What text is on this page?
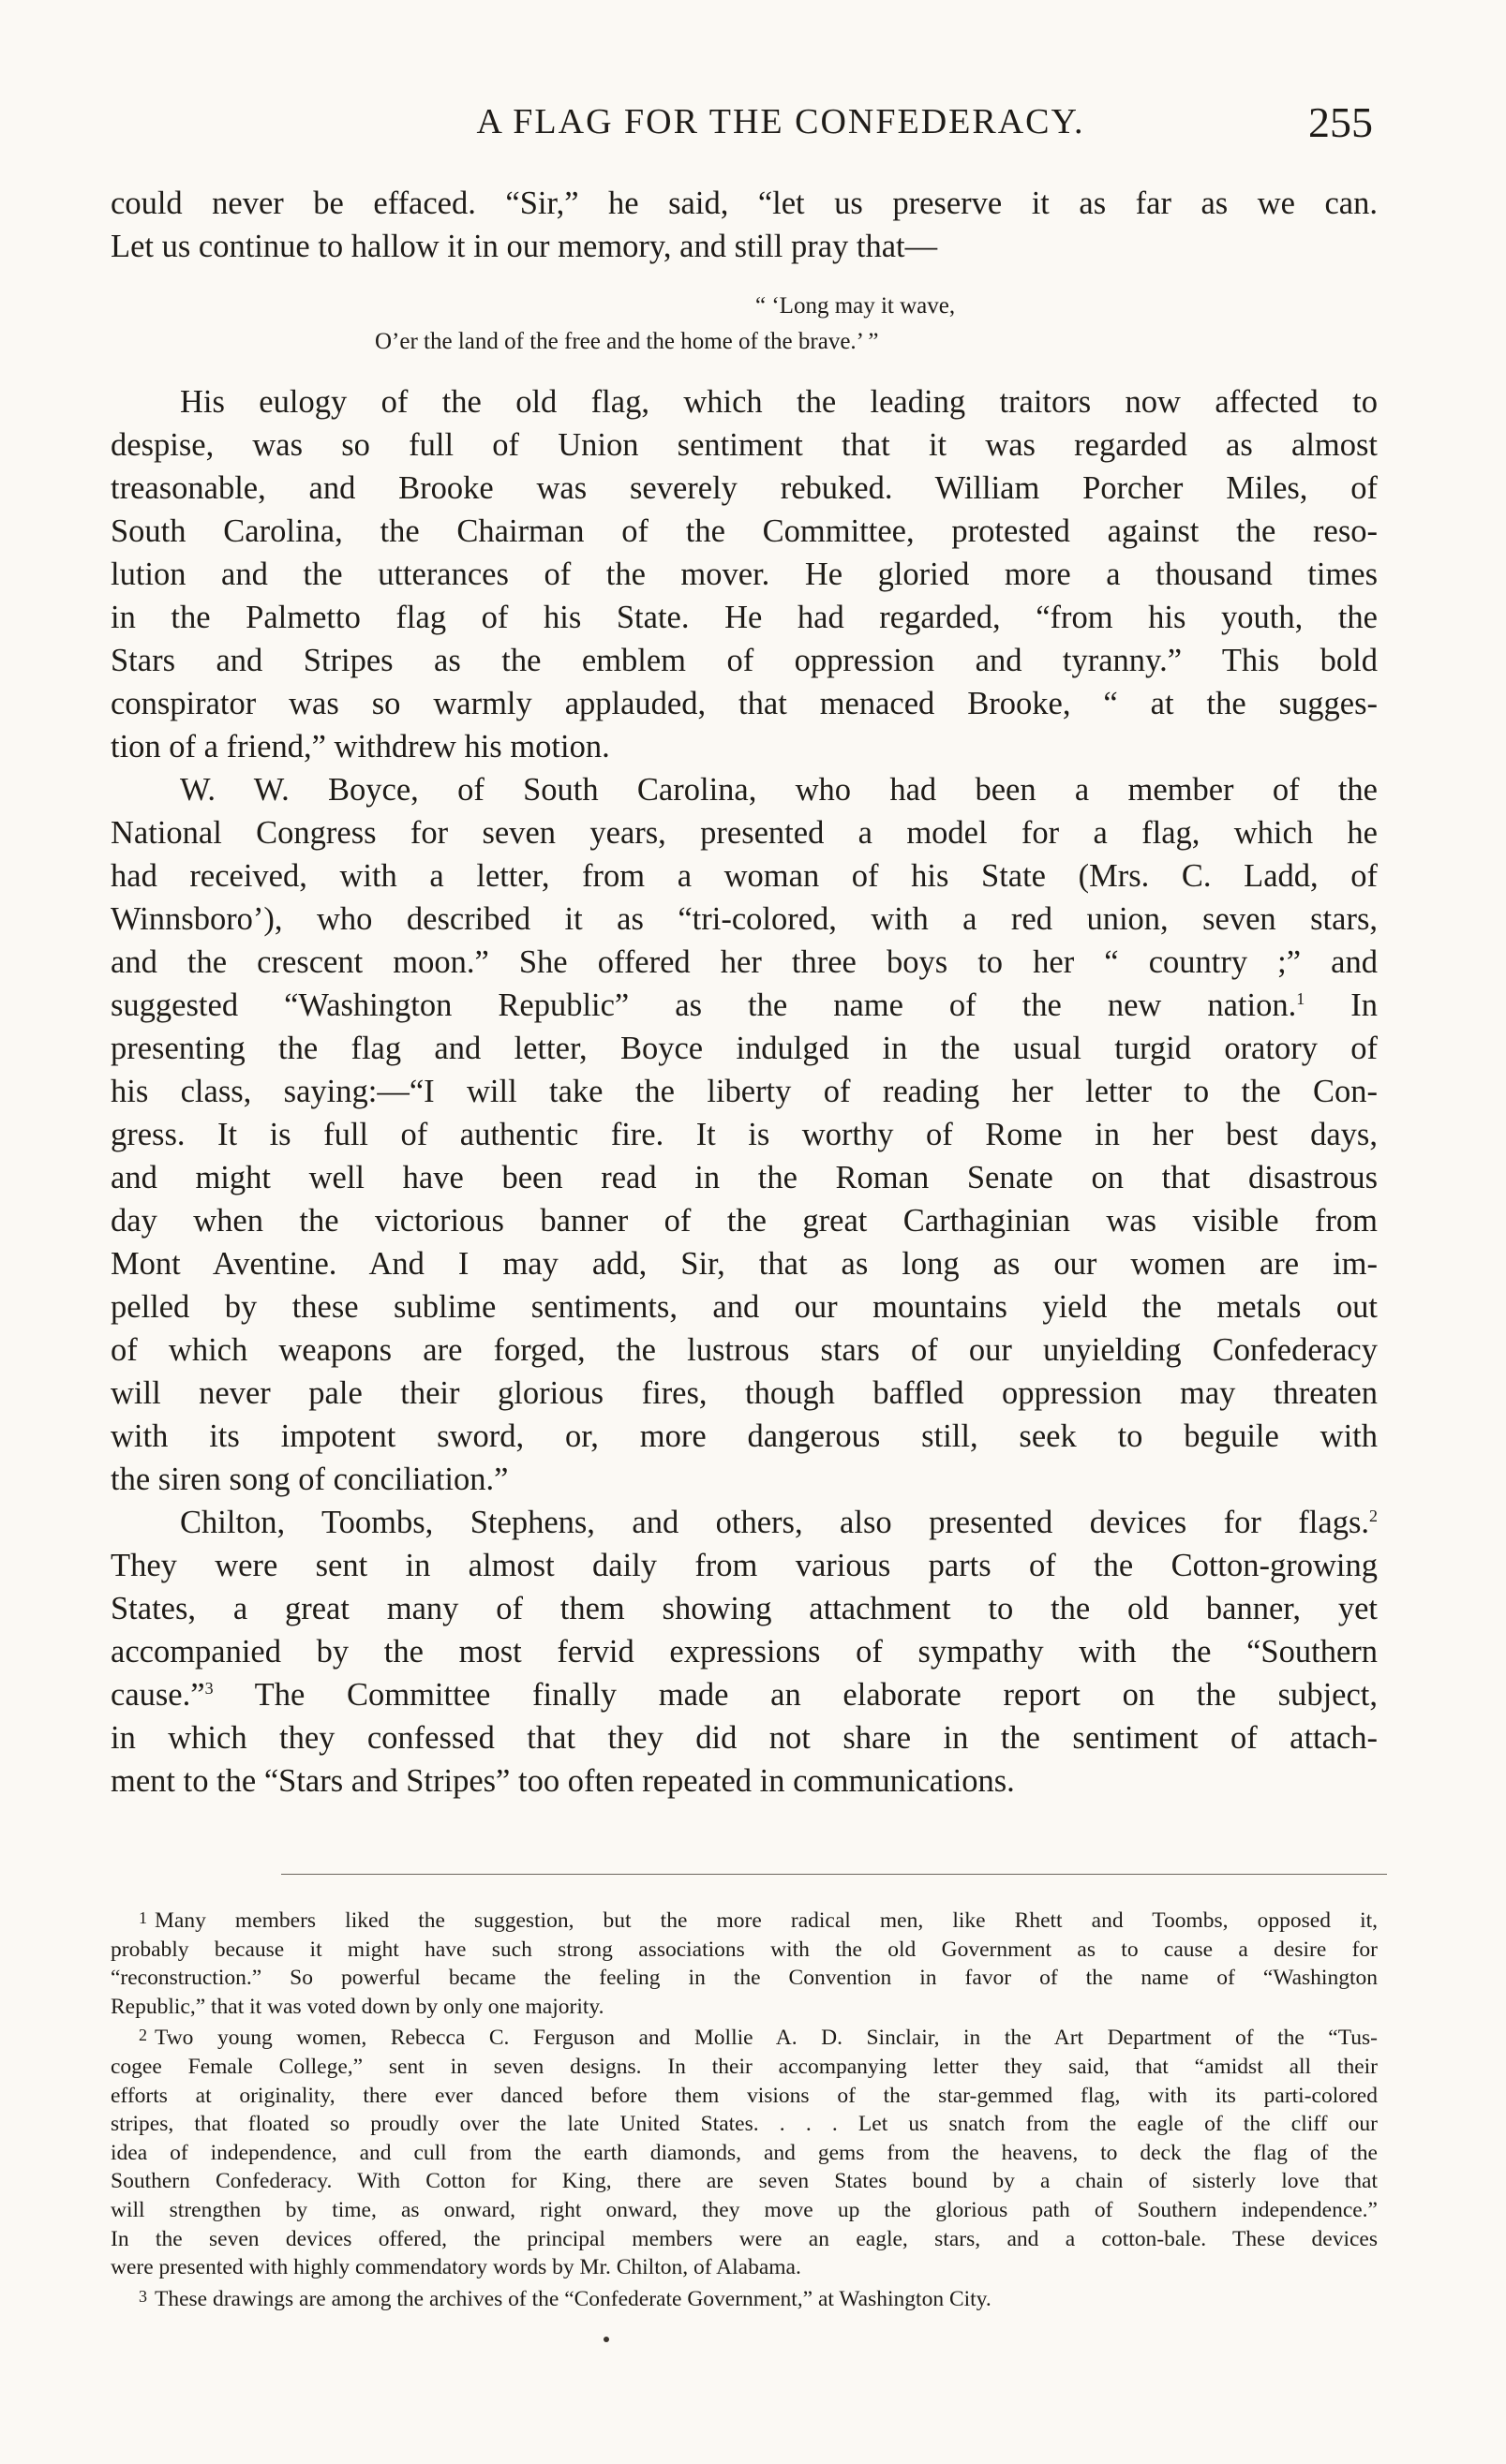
A FLAG FOR THE CONFEDERACY.	255

could never be effaced. “Sir,” he said, “let us preserve it as far as we can.

Let us continue to hallow it in our memory, and still pray that—

“ ‘Long may it wave,
O’er the land of the free and the home of the brave.’ ”

His eulogy of the old flag, which the leading traitors now affected to

despise, was so full of Union sentiment that it was regarded as almost

treasonable, and Brooke was severely rebuked. William Porcher Miles, of

South Carolina, the Chairman of the Committee, protested against the reso-

lution and the utterances of the mover. He gloried more a thousand times

in the Palmetto flag of his State. He had regarded, “from his youth, the

Stars and Stripes as the emblem of oppression and tyranny.” This bold

conspirator was so warmly applauded, that menaced Brooke, “ at the sugges-

tion of a friend,” withdrew his motion.

W. W. Boyce, of South Carolina, who had been a member of the

National Congress for seven years, presented a model for a flag, which he

had received, with a letter, from a woman of his State (Mrs. C. Ladd, of

Winnsboro’), who described it as “tri-colored, with a red union, seven stars,

and the crescent moon.” She offered her three boys to her “ country ;” and

suggested “Washington Republic” as the name of the new nation.$^1$ In

presenting the flag and letter, Boyce indulged in the usual turgid oratory of

his class, saying:—“I will take the liberty of reading her letter to the Con-

gress. It is full of authentic fire. It is worthy of Rome in her best days,

and might well have been read in the Roman Senate on that disastrous

day when the victorious banner of the great Carthaginian was visible from

Mont Aventine. And I may add, Sir, that as long as our women are im-

pelled by these sublime sentiments, and our mountains yield the metals out

of which weapons are forged, the lustrous stars of our unyielding Confederacy

will never pale their glorious fires, though baffled oppression may threaten

with its impotent sword, or, more dangerous still, seek to beguile with

the siren song of conciliation.”

Chilton, Toombs, Stephens, and others, also presented devices for flags.$^2$

They were sent in almost daily from various parts of the Cotton-growing

States, a great many of them showing attachment to the old banner, yet

accompanied by the most fervid expressions of sympathy with the “Southern

cause.”$^3$ The Committee finally made an elaborate report on the subject,

in which they confessed that they did not share in the sentiment of attach-

ment to the “Stars and Stripes” too often repeated in communications.

1 Many members liked the suggestion, but the more radical men, like Rhett and Toombs, opposed it,

probably because it might have such strong associations with the old Government as to cause a desire for

“reconstruction.” So powerful became the feeling in the Convention in favor of the name of “Washington

Republic,” that it was voted down by only one majority.

2 Two young women, Rebecca C. Ferguson and Mollie A. D. Sinclair, in the Art Department of the “Tus-

cogee Female College,” sent in seven designs. In their accompanying letter they said, that “amidst all their

efforts at originality, there ever danced before them visions of the star-gemmed flag, with its parti-colored

stripes, that floated so proudly over the late United States. . . . Let us snatch from the eagle of the cliff our

idea of independence, and cull from the earth diamonds, and gems from the heavens, to deck the flag of the

Southern Confederacy. With Cotton for King, there are seven States bound by a chain of sisterly love that

will strengthen by time, as onward, right onward, they move up the glorious path of Southern independence.”

In the seven devices offered, the principal members were an eagle, stars, and a cotton-bale. These devices

were presented with highly commendatory words by Mr. Chilton, of Alabama.

3 These drawings are among the archives of the “Confederate Government,” at Washington City.
